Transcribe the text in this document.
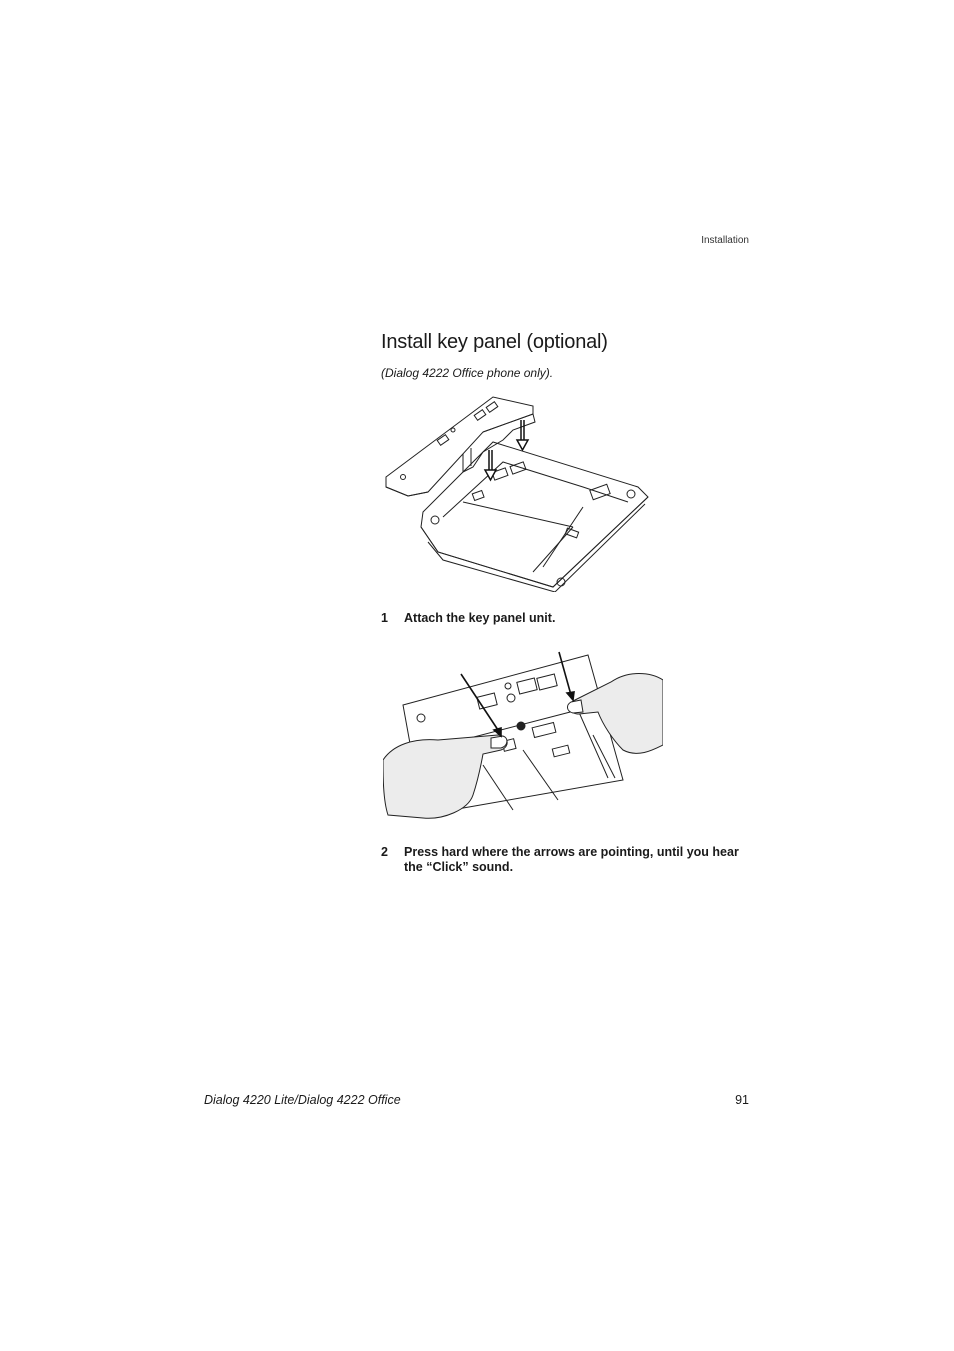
Installation
Install key panel (optional)
(Dialog 4222 Office phone only).
1 Attach the key panel unit.
2 Press hard where the arrows are pointing, until you hear the “Click” sound.
Dialog 4220 Lite/Dialog 4222 Office	91
